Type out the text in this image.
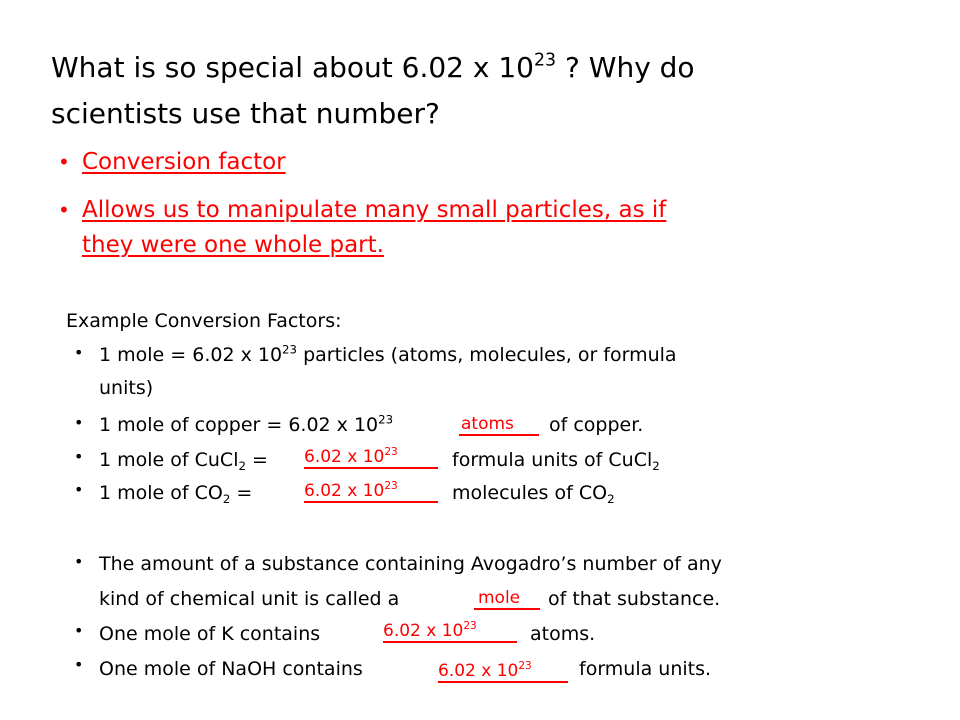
What is so special about 6.02 x $10^{23}$ ? Why do
scientists use that number?
• Conversion factor
• Allows us to manipulate many small particles, as if
they were one whole part.
Example Conversion Factors:
• 1 mole = 6.02 x $10^{23}$ particles (atoms, molecules, or formula
units)
• 1 mole of copper = 6.02 x $10^{23}$	atoms	of copper.
• 1 mole of CuCl$_2$ = 6.02 x $10^{23}$	formula units of CuCl$_2$
• 1 mole of $CO_2$ =	6.02 x $10^{23}$	molecules of $CO_2$
• The amount of a substance containing Avogadro’s number of any
kind of chemical unit is called a	mole	of that substance.
• One mole of K contains	6.02 x $10^{23}$	atoms.
• One mole of NaOH contains	6.02 x $10^{23}$	formula units.
